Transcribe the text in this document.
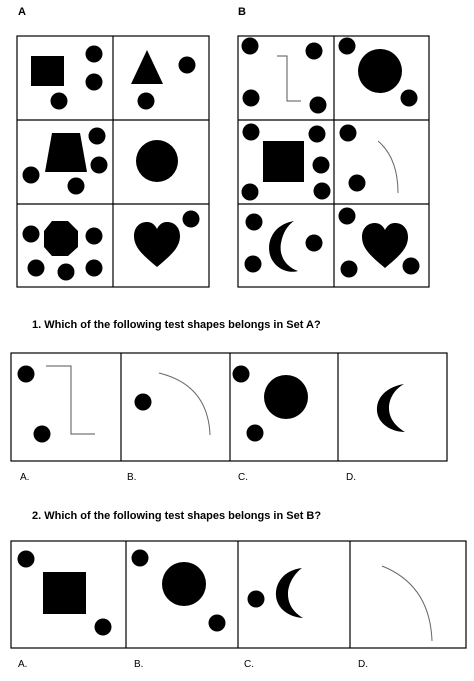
A	B
1. Which of the following test shapes belongs in Set A?
2. Which of the following test shapes belongs in Set B?
A.	B.	C.	D.
A.	B.	C.	D.
